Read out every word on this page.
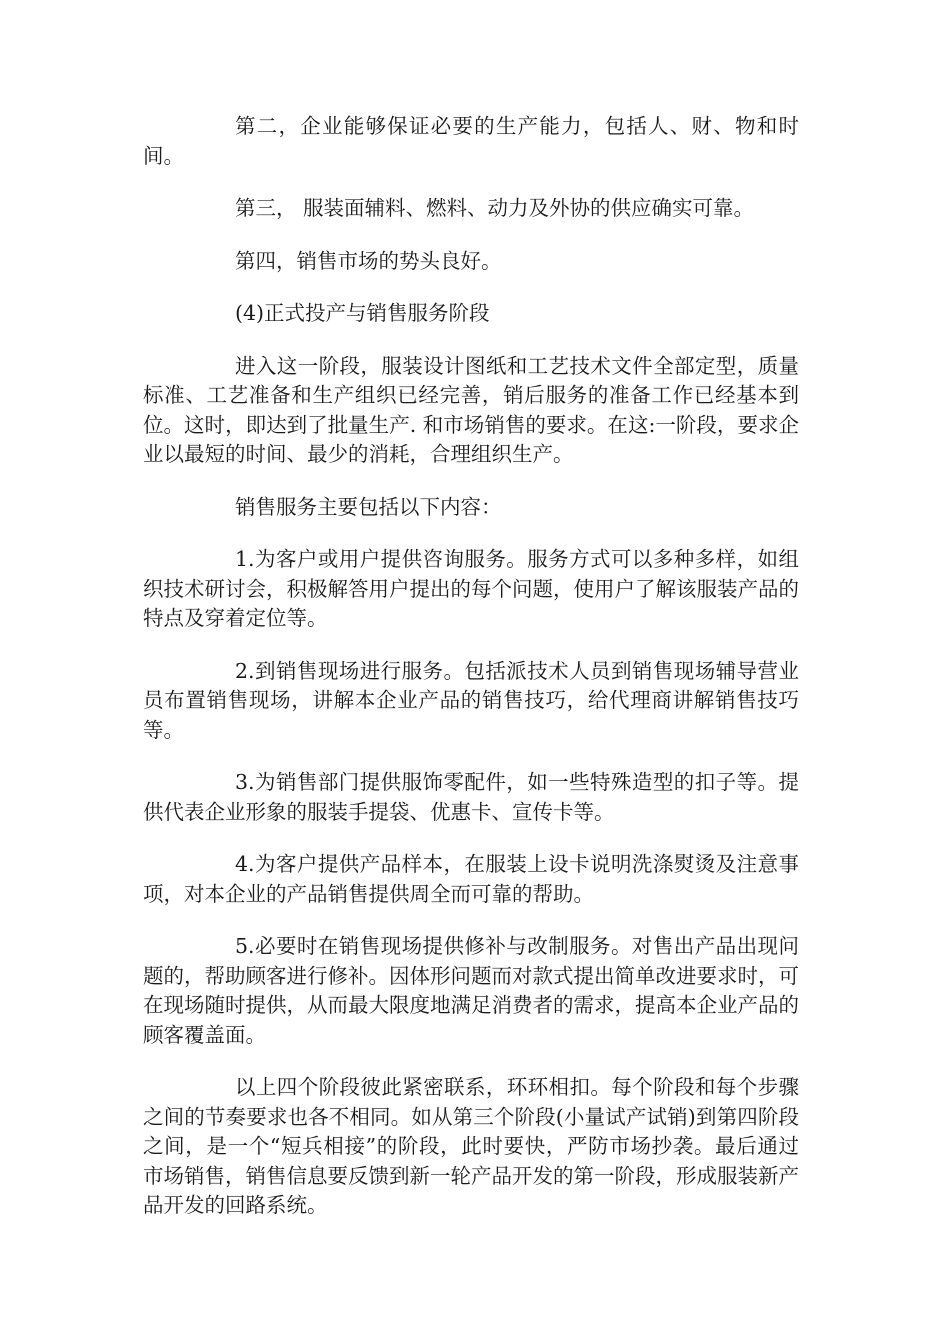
第二，企业能够保证必要的生产能力，包括人、财、物和时间。

第三， 服装面辅料、燃料、动力及外协的供应确实可靠。

第四，销售市场的势头良好。

(4)正式投产与销售服务阶段

进入这一阶段，服装设计图纸和工艺技术文件全部定型，质量标准、工艺准备和生产组织已经完善，销后服务的准备工作已经基本到位。这时，即达到了批量生产. 和市场销售的要求。在这:一阶段，要求企业以最短的时间、最少的消耗，合理组织生产。

销售服务主要包括以下内容：

1.为客户或用户提供咨询服务。服务方式可以多种多样，如组织技术研讨会，积极解答用户提出的每个问题，使用户了解该服装产品的特点及穿着定位等。

2.到销售现场进行服务。包括派技术人员到销售现场辅导营业员布置销售现场，讲解本企业产品的销售技巧，给代理商讲解销售技巧等。

3.为销售部门提供服饰零配件，如一些特殊造型的扣子等。提供代表企业形象的服装手提袋、优惠卡、宣传卡等。

4.为客户提供产品样本，在服装上设卡说明洗涤熨烫及注意事项，对本企业的产品销售提供周全而可靠的帮助。

5.必要时在销售现场提供修补与改制服务。对售出产品出现问题的，帮助顾客进行修补。因体形问题而对款式提出简单改进要求时，可在现场随时提供，从而最大限度地满足消费者的需求，提高本企业产品的顾客覆盖面。

以上四个阶段彼此紧密联系，环环相扣。每个阶段和每个步骤之间的节奏要求也各不相同。如从第三个阶段(小量试产试销)到第四阶段之间，是一个“短兵相接”的阶段，此时要快，严防市场抄袭。最后通过市场销售，销售信息要反馈到新一轮产品开发的第一阶段，形成服装新产品开发的回路系统。
